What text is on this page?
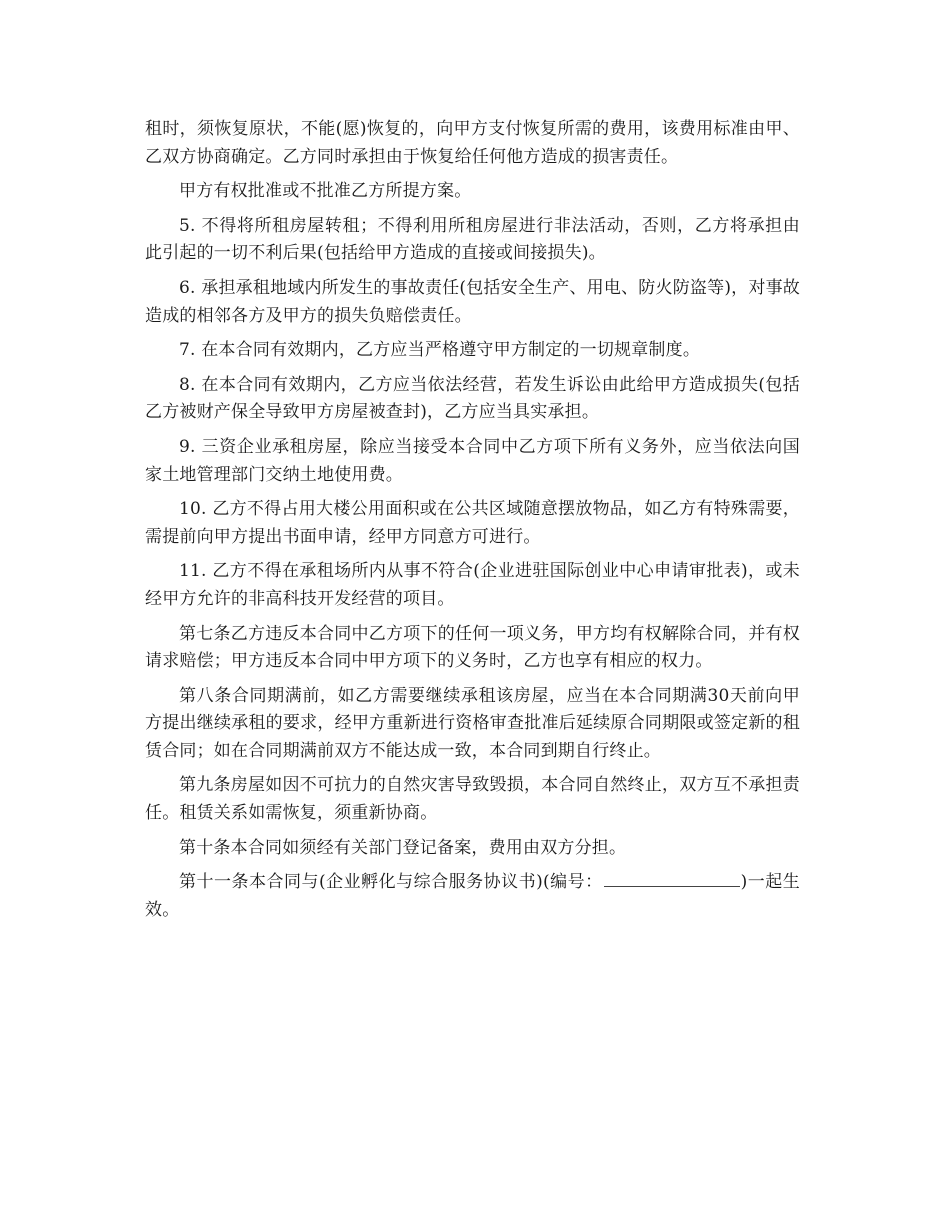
租时，须恢复原状，不能(愿)恢复的，向甲方支付恢复所需的费用，该费用标准由甲、乙双方协商确定。乙方同时承担由于恢复给任何他方造成的损害责任。

甲方有权批准或不批准乙方所提方案。

5. 不得将所租房屋转租；不得利用所租房屋进行非法活动，否则，乙方将承担由此引起的一切不利后果(包括给甲方造成的直接或间接损失)。

6. 承担承租地域内所发生的事故责任(包括安全生产、用电、防火防盗等)，对事故造成的相邻各方及甲方的损失负赔偿责任。

7. 在本合同有效期内，乙方应当严格遵守甲方制定的一切规章制度。

8. 在本合同有效期内，乙方应当依法经营，若发生诉讼由此给甲方造成损失(包括乙方被财产保全导致甲方房屋被查封)，乙方应当具实承担。

9. 三资企业承租房屋，除应当接受本合同中乙方项下所有义务外，应当依法向国家土地管理部门交纳土地使用费。

10. 乙方不得占用大楼公用面积或在公共区域随意摆放物品，如乙方有特殊需要，需提前向甲方提出书面申请，经甲方同意方可进行。

11. 乙方不得在承租场所内从事不符合(企业进驻国际创业中心申请审批表)，或未经甲方允许的非高科技开发经营的项目。

第七条乙方违反本合同中乙方项下的任何一项义务，甲方均有权解除合同，并有权请求赔偿；甲方违反本合同中甲方项下的义务时，乙方也享有相应的权力。

第八条合同期满前，如乙方需要继续承租该房屋，应当在本合同期满30天前向甲方提出继续承租的要求，经甲方重新进行资格审查批准后延续原合同期限或签定新的租赁合同；如在合同期满前双方不能达成一致，本合同到期自行终止。

第九条房屋如因不可抗力的自然灾害导致毁损，本合同自然终止，双方互不承担责任。租赁关系如需恢复，须重新协商。

第十条本合同如须经有关部门登记备案，费用由双方分担。

第十一条本合同与(企业孵化与综合服务协议书)(编号：	)一起生效。
